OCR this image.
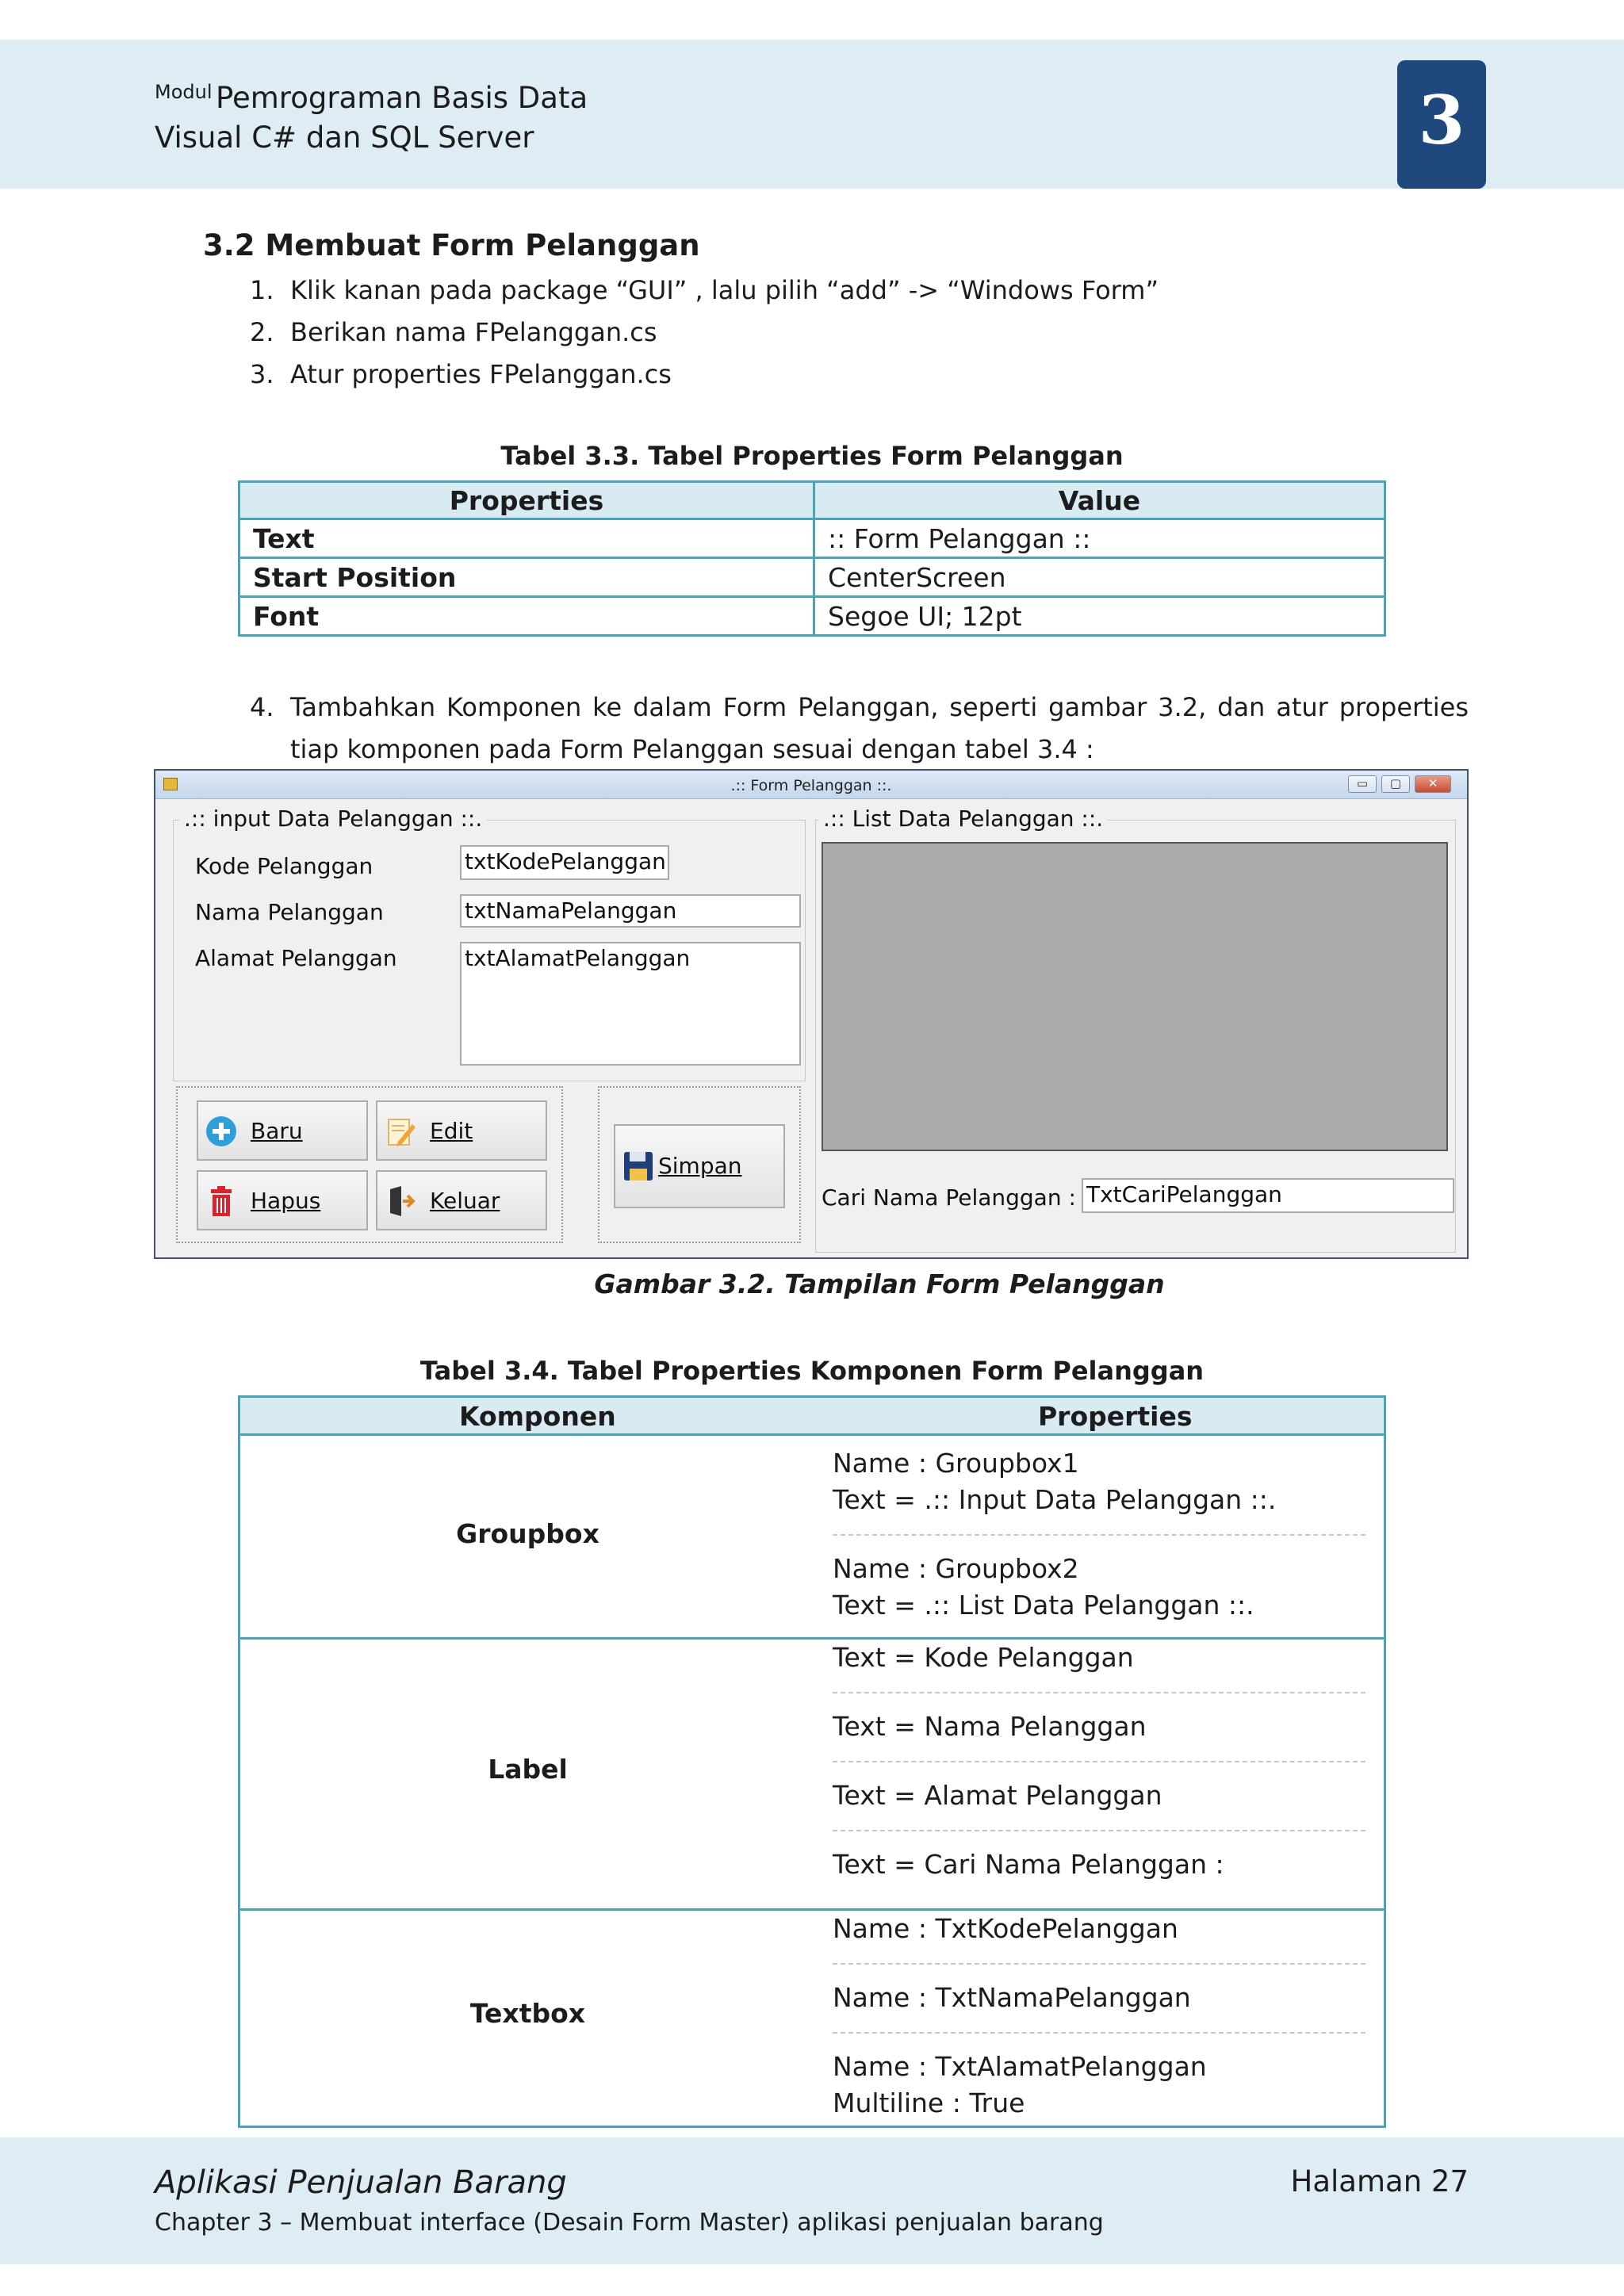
Modul Pemrograman Basis Data
Visual C# dan SQL Server	3
3.2 Membuat Form Pelanggan
1. Klik kanan pada package “GUI” , lalu pilih “add” -> “Windows Form”
2. Berikan nama FPelanggan.cs
3. Atur properties FPelanggan.cs
Tabel 3.3. Tabel Properties Form Pelanggan
Properties	Value
Text	:: Form Pelanggan ::
Start Position	CenterScreen
Font	Segoe UI; 12pt
4. Tambahkan Komponen ke dalam Form Pelanggan, seperti gambar 3.2, dan atur properties tiap komponen pada Form Pelanggan sesuai dengan tabel 3.4 :
.:: Form Pelanggan ::.	▭	▢	✕
.:: input Data Pelanggan ::.
Kode Pelanggan
Nama Pelanggan
Alamat Pelanggan
txtKodePelanggan
txtNamaPelanggan
txtAlamatPelanggan
Baru	Edit
Hapus	Keluar
Simpan
.:: List Data Pelanggan ::.
Cari Nama Pelanggan : TxtCariPelanggan
Gambar 3.2. Tampilan Form Pelanggan
Tabel 3.4. Tabel Properties Komponen Form Pelanggan
Komponen	Properties
Groupbox
Name : Groupbox1
Text = .:: Input Data Pelanggan ::.
Name : Groupbox2
Text = .:: List Data Pelanggan ::.
Label
Text = Kode Pelanggan
Text = Nama Pelanggan
Text = Alamat Pelanggan
Text = Cari Nama Pelanggan :
Textbox
Name : TxtKodePelanggan
Name : TxtNamaPelanggan
Name : TxtAlamatPelanggan
Multiline : True
Aplikasi Penjualan Barang	Halaman 27
Chapter 3 – Membuat interface (Desain Form Master) aplikasi penjualan barang
